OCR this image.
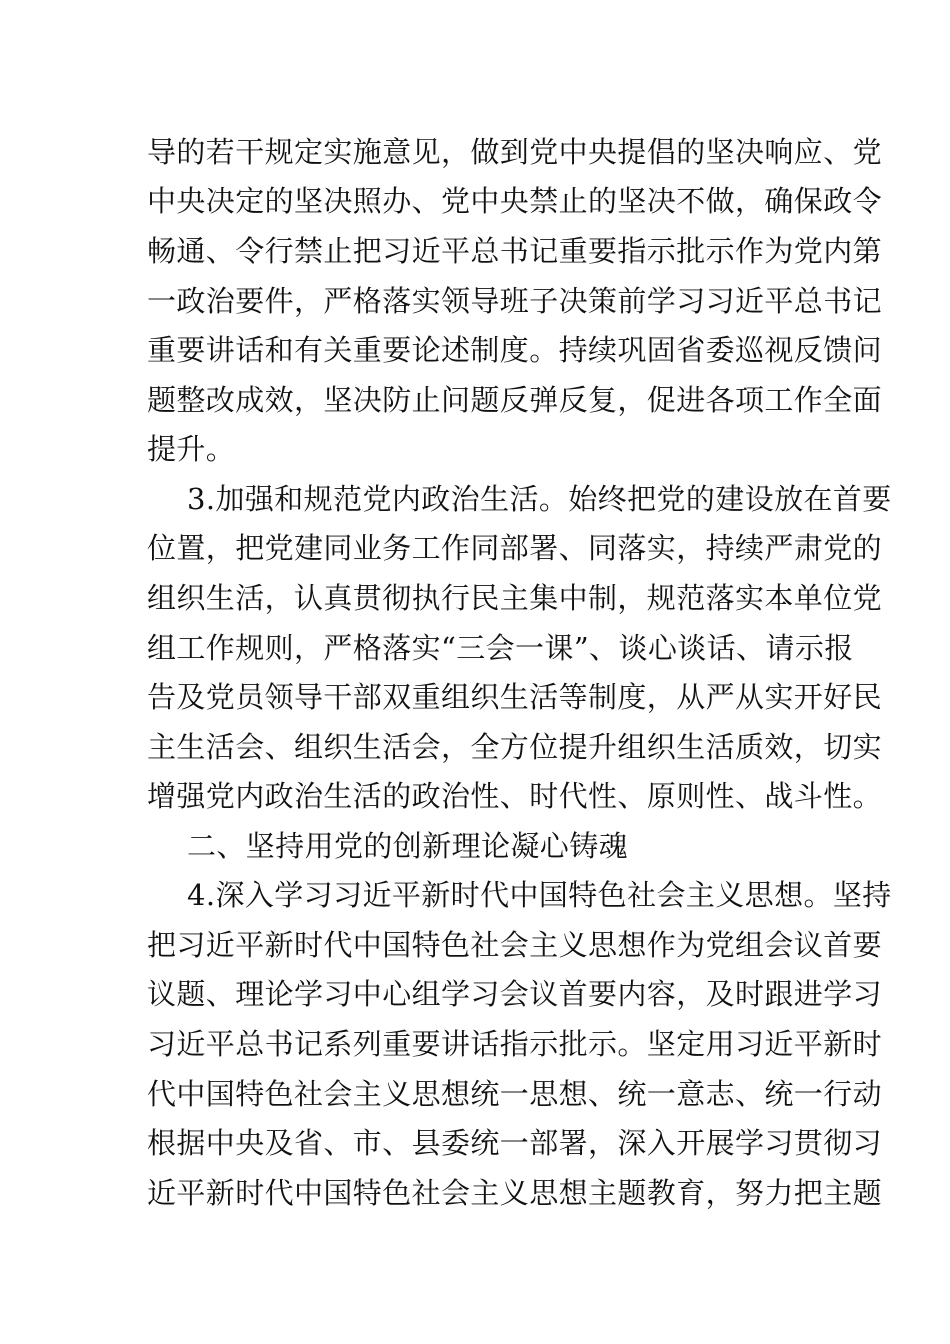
导的若干规定实施意见，做到党中央提倡的坚决响应、党
中央决定的坚决照办、党中央禁止的坚决不做，确保政令
畅通、令行禁止把习近平总书记重要指示批示作为党内第
一政治要件，严格落实领导班子决策前学习习近平总书记
重要讲话和有关重要论述制度。持续巩固省委巡视反馈问
题整改成效，坚决防止问题反弹反复，促进各项工作全面
提升。
3.加强和规范党内政治生活。始终把党的建设放在首要
位置，把党建同业务工作同部署、同落实，持续严肃党的
组织生活，认真贯彻执行民主集中制，规范落实本单位党
组工作规则，严格落实“三会一课”、谈心谈话、请示报
告及党员领导干部双重组织生活等制度，从严从实开好民
主生活会、组织生活会，全方位提升组织生活质效，切实
增强党内政治生活的政治性、时代性、原则性、战斗性。
二、坚持用党的创新理论凝心铸魂
4.深入学习习近平新时代中国特色社会主义思想。坚持
把习近平新时代中国特色社会主义思想作为党组会议首要
议题、理论学习中心组学习会议首要内容，及时跟进学习
习近平总书记系列重要讲话指示批示。坚定用习近平新时
代中国特色社会主义思想统一思想、统一意志、统一行动
根据中央及省、市、县委统一部署，深入开展学习贯彻习
近平新时代中国特色社会主义思想主题教育，努力把主题
